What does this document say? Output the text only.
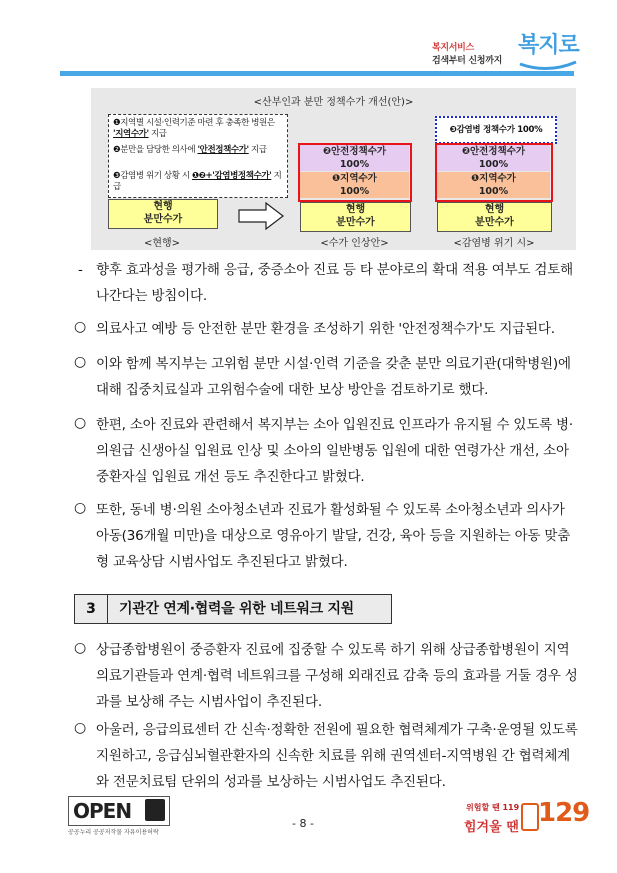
복지서비스
검색부터 신청까지
복지로
<산부인과 분만 정책수가 개선(안)>
❶지역별 시설·인력기준 마련 후 충족한 병원은 '지역수가' 지급
❷분만을 담당한 의사에 '안전정책수가' 지급
❸감염병 위기 상황 시 ❶❷+'감염병정책수가' 지급
현행
분만수가
❷안전정책수가
100%
❶지역수가
100%
현행
분만수가
❸감염병 정책수가 100%
❷안전정책수가
100%
❶지역수가
100%
현행
분만수가
<현행>	<수가 인상안>	<감염병 위기 시>
- 향후 효과성을 평가해 응급, 중증소아 진료 등 타 분야로의 확대 적용 여부도 검토해 나간다는 방침이다.
○ 의료사고 예방 등 안전한 분만 환경을 조성하기 위한 '안전정책수가'도 지급된다.
○ 이와 함께 복지부는 고위험 분만 시설·인력 기준을 갖춘 분만 의료기관(대학병원)에 대해 집중치료실과 고위험수술에 대한 보상 방안을 검토하기로 했다.
○ 한편, 소아 진료와 관련해서 복지부는 소아 입원진료 인프라가 유지될 수 있도록 병·의원급 신생아실 입원료 인상 및 소아의 일반병동 입원에 대한 연령가산 개선, 소아 중환자실 입원료 개선 등도 추진한다고 밝혔다.
○ 또한, 동네 병·의원 소아청소년과 진료가 활성화될 수 있도록 소아청소년과 의사가 아동(36개월 미만)을 대상으로 영유아기 발달, 건강, 육아 등을 지원하는 아동 맞춤형 교육상담 시범사업도 추진된다고 밝혔다.
3	기관간 연계·협력을 위한 네트워크 지원
○ 상급종합병원이 중증환자 진료에 집중할 수 있도록 하기 위해 상급종합병원이 지역 의료기관들과 연계·협력 네트워크를 구성해 외래진료 감축 등의 효과를 거둘 경우 성과를 보상해 주는 시범사업이 추진된다.
○ 아울러, 응급의료센터 간 신속·정확한 전원에 필요한 협력체계가 구축·운영될 있도록 지원하고, 응급심뇌혈관환자의 신속한 치료를 위해 권역센터-지역병원 간 협력체계와 전문치료팀 단위의 성과를 보상하는 시범사업도 추진된다.
OPEN
공공누리 공공저작물 자유이용허락
- 8 -
위험할 땐 119
힘겨울 땐 129
